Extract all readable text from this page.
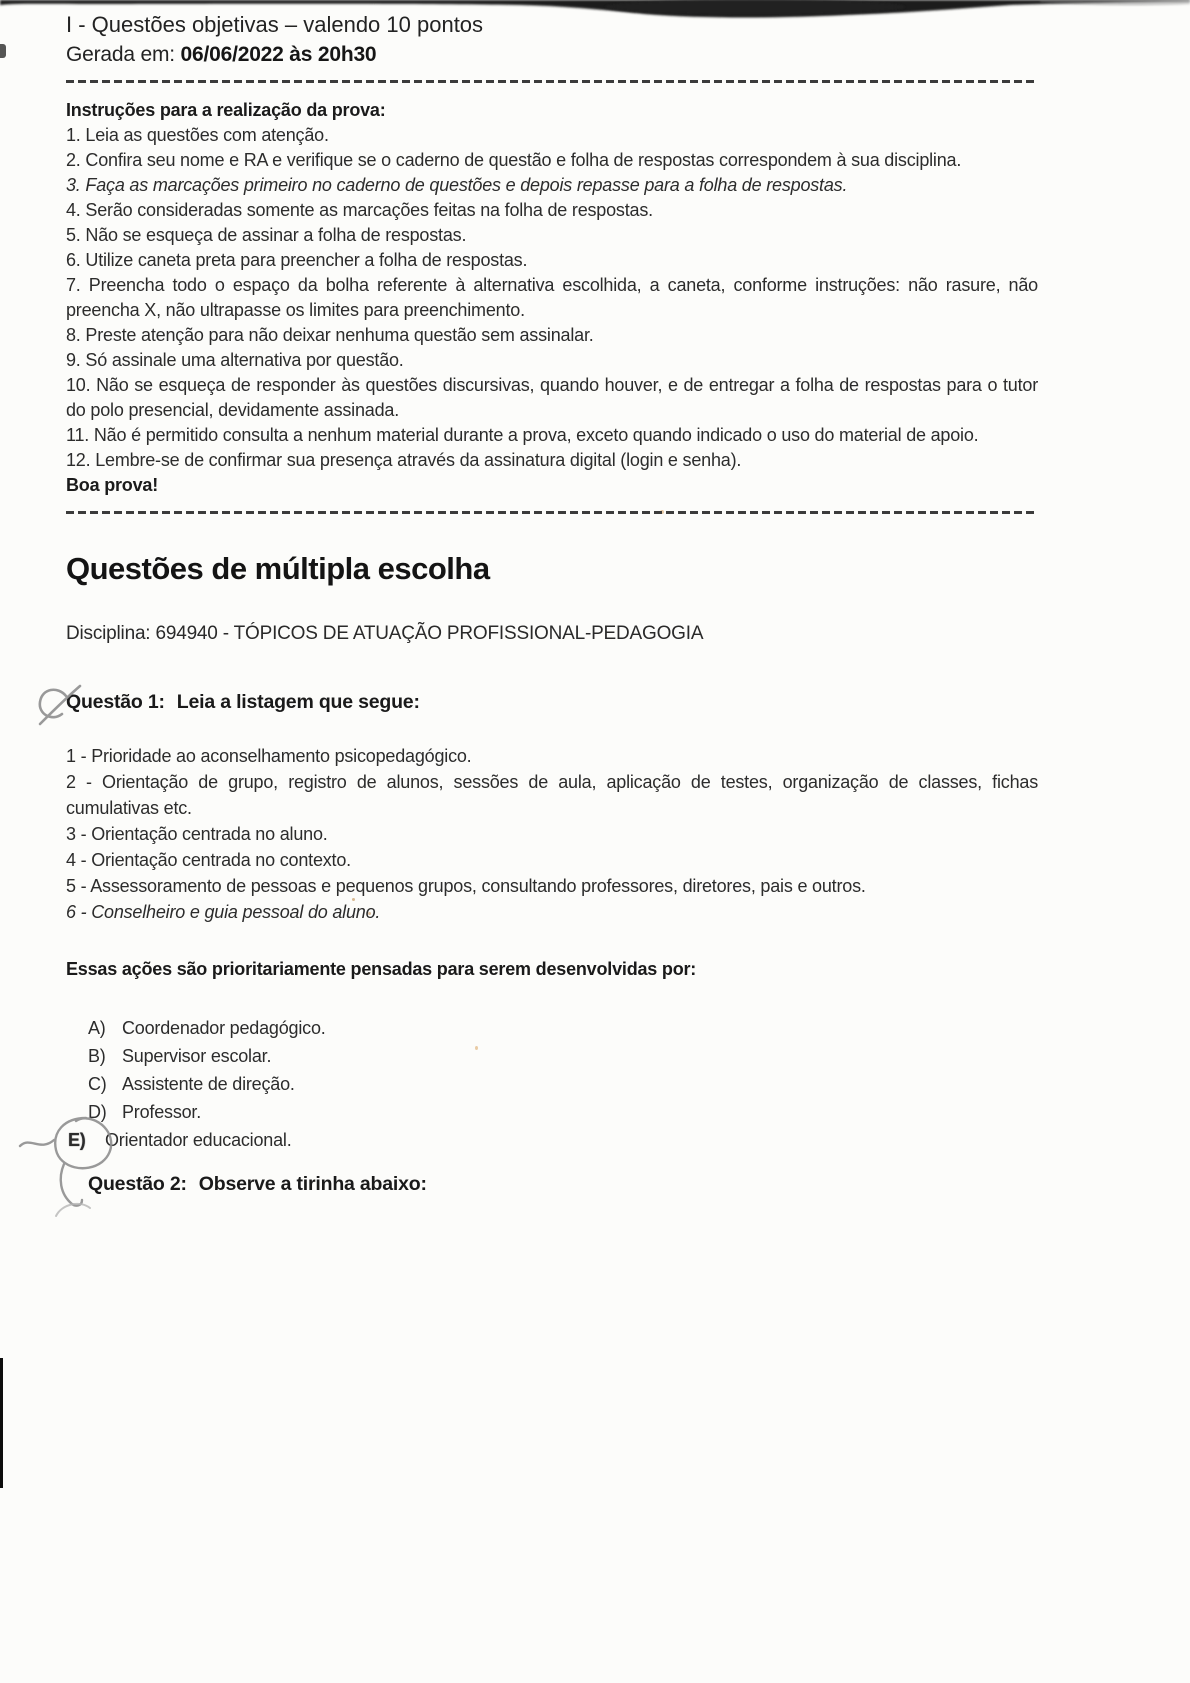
I - Questões objetivas – valendo 10 pontos
Gerada em: 06/06/2022 às 20h30

Instruções para a realização da prova:

1. Leia as questões com atenção.

2. Confira seu nome e RA e verifique se o caderno de questão e folha de respostas correspondem à sua disciplina.

3. Faça as marcações primeiro no caderno de questões e depois repasse para a folha de respostas.

4. Serão consideradas somente as marcações feitas na folha de respostas.

5. Não se esqueça de assinar a folha de respostas.

6. Utilize caneta preta para preencher a folha de respostas.

7. Preencha todo o espaço da bolha referente à alternativa escolhida, a caneta, conforme instruções: não rasure, não preencha X, não ultrapasse os limites para preenchimento.

8. Preste atenção para não deixar nenhuma questão sem assinalar.

9. Só assinale uma alternativa por questão.

10. Não se esqueça de responder às questões discursivas, quando houver, e de entregar a folha de respostas para o tutor do polo presencial, devidamente assinada.

11. Não é permitido consulta a nenhum material durante a prova, exceto quando indicado o uso do material de apoio.

12. Lembre-se de confirmar sua presença através da assinatura digital (login e senha).

Boa prova!

Questões de múltipla escolha
Disciplina: 694940 - TÓPICOS DE ATUAÇÃO PROFISSIONAL-PEDAGOGIA
Questão 1: Leia a listagem que segue:

1 - Prioridade ao aconselhamento psicopedagógico.

2 - Orientação de grupo, registro de alunos, sessões de aula, aplicação de testes, organização de classes, fichas cumulativas etc.

3 - Orientação centrada no aluno.

4 - Orientação centrada no contexto.

5 - Assessoramento de pessoas e pequenos grupos, consultando professores, diretores, pais e outros.

6 - Conselheiro e guia pessoal do aluno.

Essas ações são prioritariamente pensadas para serem desenvolvidas por:
A) Coordenador pedagógico.
B) Supervisor escolar.
C) Assistente de direção.
D) Professor.
E)	Orientador educacional.
Questão 2: Observe a tirinha abaixo:
